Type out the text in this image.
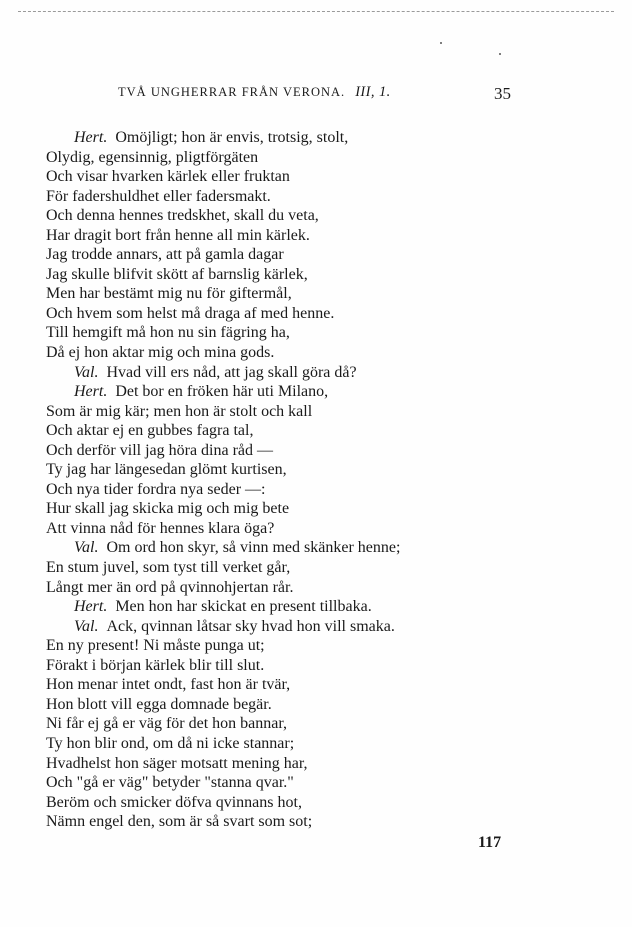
TVÅ UNGHERRAR FRÅN VERONA. III, 1.	35
Hert. Omöjligt; hon är envis, trotsig, stolt,
Olydig, egensinnig, pligtförgäten
Och visar hvarken kärlek eller fruktan
För fadershuldhet eller fadersmakt.
Och denna hennes tredskhet, skall du veta,
Har dragit bort från henne all min kärlek.
Jag trodde annars, att på gamla dagar
Jag skulle blifvit skött af barnslig kärlek,
Men har bestämt mig nu för giftermål,
Och hvem som helst må draga af med henne.
Till hemgift må hon nu sin fägring ha,
Då ej hon aktar mig och mina gods.
Val. Hvad vill ers nåd, att jag skall göra då?
Hert. Det bor en fröken här uti Milano,
Som är mig kär; men hon är stolt och kall
Och aktar ej en gubbes fagra tal,
Och derför vill jag höra dina råd —
Ty jag har längesedan glömt kurtisen,
Och nya tider fordra nya seder —:
Hur skall jag skicka mig och mig bete
Att vinna nåd för hennes klara öga?
Val. Om ord hon skyr, så vinn med skänker henne;
En stum juvel, som tyst till verket går,
Långt mer än ord på qvinnohjertan rår.
Hert. Men hon har skickat en present tillbaka.
Val. Ack, qvinnan låtsar sky hvad hon vill smaka.
En ny present! Ni måste punga ut;
Förakt i början kärlek blir till slut.
Hon menar intet ondt, fast hon är tvär,
Hon blott vill egga domnade begär.
Ni får ej gå er väg för det hon bannar,
Ty hon blir ond, om då ni icke stannar;
Hvadhelst hon säger motsatt mening har,
Och "gå er väg" betyder "stanna qvar."
Beröm och smicker döfva qvinnans hot,
Nämn engel den, som är så svart som sot;
117
